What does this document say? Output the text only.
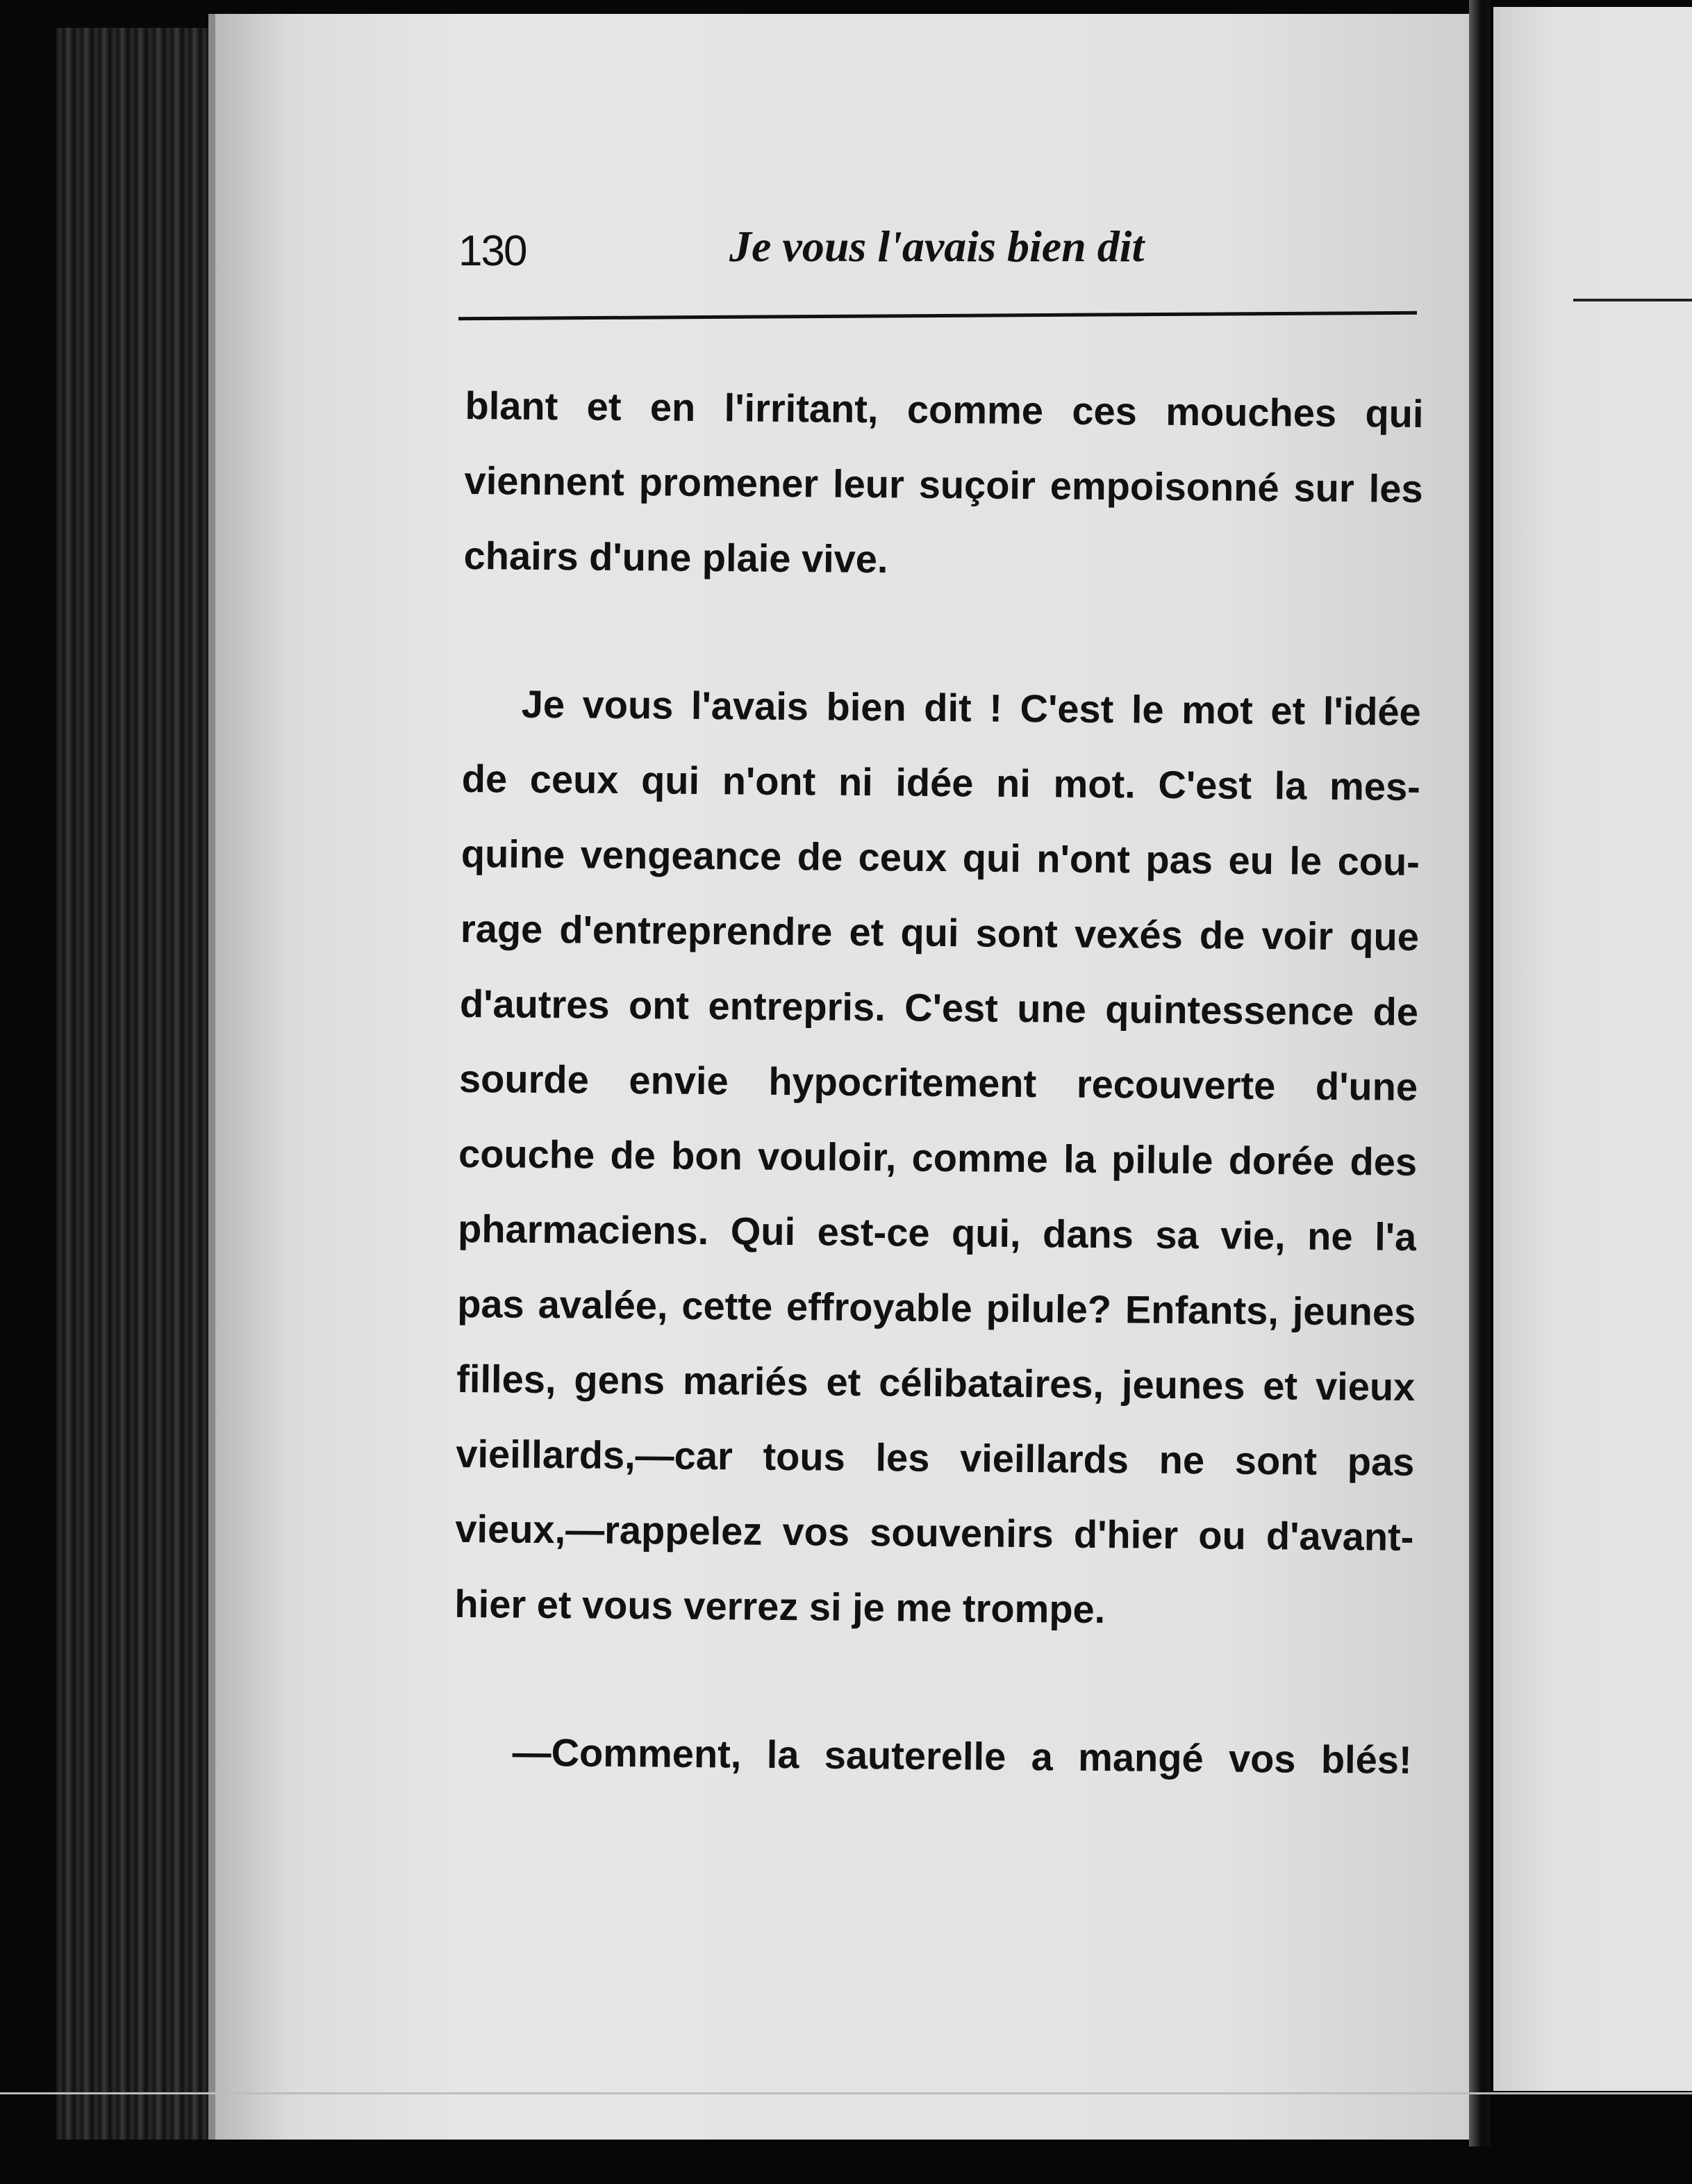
130	Je vous l'avais bien dit
blant et en l'irritant, comme ces mouches qui
viennent promener leur suçoir empoisonné sur les
chairs d'une plaie vive.
Je vous l'avais bien dit ! C'est le mot et l'idée
de ceux qui n'ont ni idée ni mot. C'est la mes-
quine vengeance de ceux qui n'ont pas eu le cou-
rage d'entreprendre et qui sont vexés de voir que
d'autres ont entrepris. C'est une quintessence de
sourde envie hypocritement recouverte d'une
couche de bon vouloir, comme la pilule dorée des
pharmaciens. Qui est-ce qui, dans sa vie, ne l'a
pas avalée, cette effroyable pilule? Enfants, jeunes
filles, gens mariés et célibataires, jeunes et vieux
vieillards,—car tous les vieillards ne sont pas
vieux,—rappelez vos souvenirs d'hier ou d'avant-
hier et vous verrez si je me trompe.
—Comment, la sauterelle a mangé vos blés!
